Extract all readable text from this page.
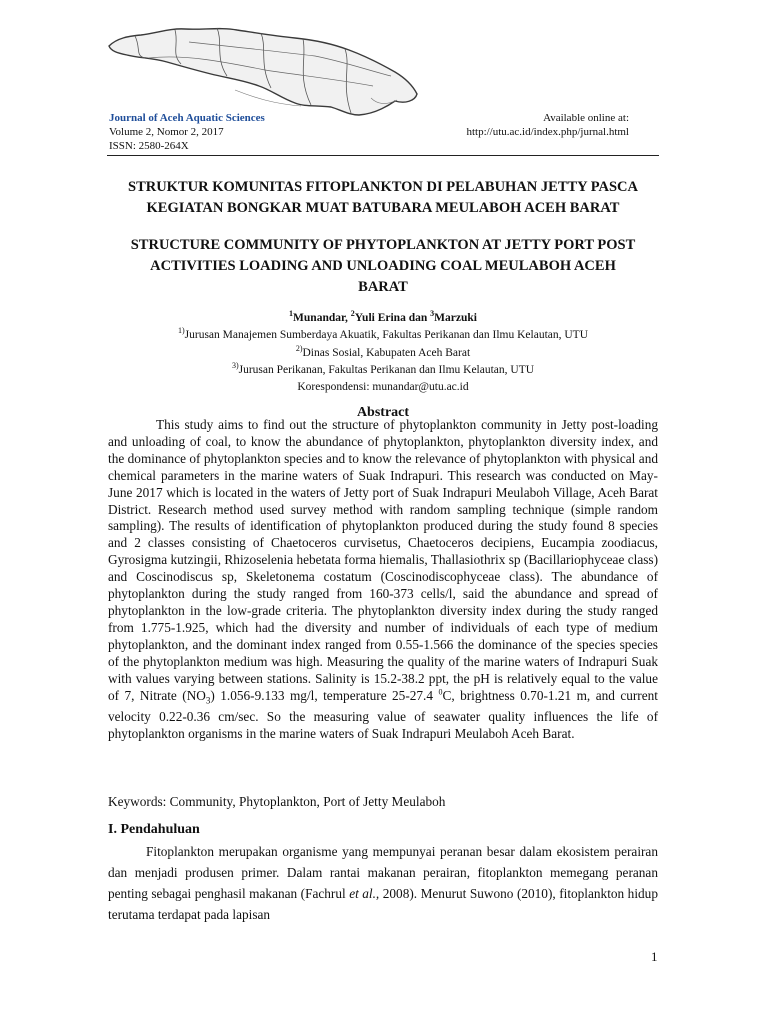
Journal of Aceh Aquatic Sciences	Available online at:
Volume 2, Nomor 2, 2017	http://utu.ac.id/index.php/jurnal.html
ISSN: 2580-264X
STRUKTUR KOMUNITAS FITOPLANKTON DI PELABUHAN JETTY PASCA
KEGIATAN BONGKAR MUAT BATUBARA MEULABOH ACEH BARAT
STRUCTURE COMMUNITY OF PHYTOPLANKTON AT JETTY PORT POST
ACTIVITIES LOADING AND UNLOADING COAL MEULABOH ACEH
BARAT
$^1$Munandar, $^2$Yuli Erina dan $^3$Marzuki
$^{1)}$Jurusan Manajemen Sumberdaya Akuatik, Fakultas Perikanan dan Ilmu Kelautan, UTU
$^{2)}$Dinas Sosial, Kabupaten Aceh Barat
$^{3)}$Jurusan Perikanan, Fakultas Perikanan dan Ilmu Kelautan, UTU
Korespondensi: munandar@utu.ac.id
Abstract

This study aims to find out the structure of phytoplankton community in Jetty post-loading and unloading of coal, to know the abundance of phytoplankton, phytoplankton diversity index, and the dominance of phytoplankton species and to know the relevance of phytoplankton with physical and chemical parameters in the marine waters of Suak Indrapuri. This research was conducted on May-June 2017 which is located in the waters of Jetty port of Suak Indrapuri Meulaboh Village, Aceh Barat District. Research method used survey method with random sampling technique (simple random sampling). The results of identification of phytoplankton produced during the study found 8 species and 2 classes consisting of Chaetoceros curvisetus, Chaetoceros decipiens, Eucampia zoodiacus, Gyrosigma kutzingii, Rhizoselenia hebetata forma hiemalis, Thallasiothrix sp (Bacillariophyceae class) and Coscinodiscus sp, Skeletonema costatum (Coscinodiscophyceae class). The abundance of phytoplankton during the study ranged from 160-373 cells/l, said the abundance and spread of phytoplankton in the low-grade criteria. The phytoplankton diversity index during the study ranged from 1.775-1.925, which had the diversity and number of individuals of each type of medium phytoplankton, and the dominant index ranged from 0.55-1.566 the dominance of the species species of the phytoplankton medium was high. Measuring the quality of the marine waters of Indrapuri Suak with values varying between stations. Salinity is 15.2-38.2 ppt, the pH is relatively equal to the value of 7, Nitrate $(NO_3)$ 1.056-9.133 mg/l, temperature 25-27.4 $^0$C, brightness 0.70-1.21 m, and current velocity 0.22-0.36 cm/sec. So the measuring value of seawater quality influences the life of phytoplankton organisms in the marine waters of Suak Indrapuri Meulaboh Aceh Barat.

Keywords: Community, Phytoplankton, Port of Jetty Meulaboh
I. Pendahuluan

Fitoplankton merupakan organisme yang mempunyai peranan besar dalam ekosistem perairan dan menjadi produsen primer. Dalam rantai makanan perairan, fitoplankton memegang peranan penting sebagai penghasil makanan (Fachrul et al., 2008). Menurut Suwono (2010), fitoplankton hidup terutama terdapat pada lapisan

1
